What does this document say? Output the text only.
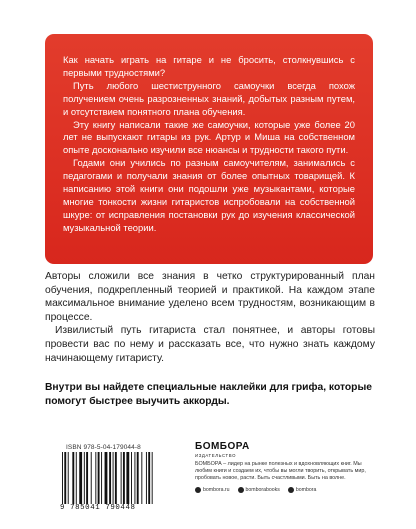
Как начать играть на гитаре и не бросить, столкнувшись с первыми трудностями?

Путь любого шестиструнного самоучки всегда похож получением очень разрозненных знаний, добытых разным путем, и отсутствием понятного плана обучения.

Эту книгу написали такие же самоучки, которые уже более 20 лет не выпускают гитары из рук. Артур и Миша на собственном опыте досконально изучили все нюансы и трудности такого пути.

Годами они учились по разным самоучителям, занимались с педагогами и получали знания от более опытных товарищей. К написанию этой книги они подошли уже музыкантами, которые многие тонкости жизни гитаристов испробовали на собственной шкуре: от исправления постановки рук до изучения классической музыкальной теории.

Авторы сложили все знания в четко структурированный план обучения, подкрепленный теорией и практикой. На каждом этапе максимальное внимание уделено всем трудностям, возникающим в процессе.

Извилистый путь гитариста стал понятнее, и авторы готовы провести вас по нему и рассказать все, что нужно знать каждому начинающему гитаристу.

Внутри вы найдете специальные наклейки для грифа, которые помогут быстрее выучить аккорды.
ISBN 978-5-04-179044-8
9 785041 790448
БОМБОРА
ИЗДАТЕЛЬСТВО
БОМБОРА – лидер на рынке полезных и вдохновляющих книг. Мы любим книги и создаем их, чтобы вы могли творить, открывать мир, пробовать новое, расти. Быть счастливыми. Быть на волне.
bombora.ru	bomborabooks	bombora
